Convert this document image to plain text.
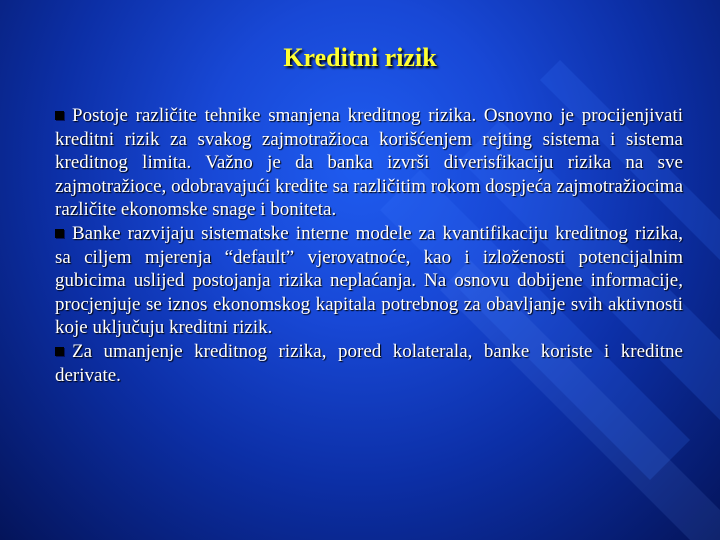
Kreditni rizik

Postoje različite tehnike smanjena kreditnog rizika. Osnovno je procijenjivati kreditni rizik za svakog zajmotražioca korišćenjem rejting sistema i sistema kreditnog limita. Važno je da banka izvrši diverisfikaciju rizika na sve zajmotražioce, odobravajući kredite sa različitim rokom dospjeća zajmotražiocima različite ekonomske snage i boniteta.

Banke razvijaju sistematske interne modele za kvantifikaciju kreditnog rizika, sa ciljem mjerenja “default” vjerovatnoće, kao i izloženosti potencijalnim gubicima uslijed postojanja rizika neplaćanja. Na osnovu dobijene informacije, procjenjuje se iznos ekonomskog kapitala potrebnog za obavljanje svih aktivnosti koje uključuju kreditni rizik.

Za umanjenje kreditnog rizika, pored kolaterala, banke koriste i kreditne derivate.
